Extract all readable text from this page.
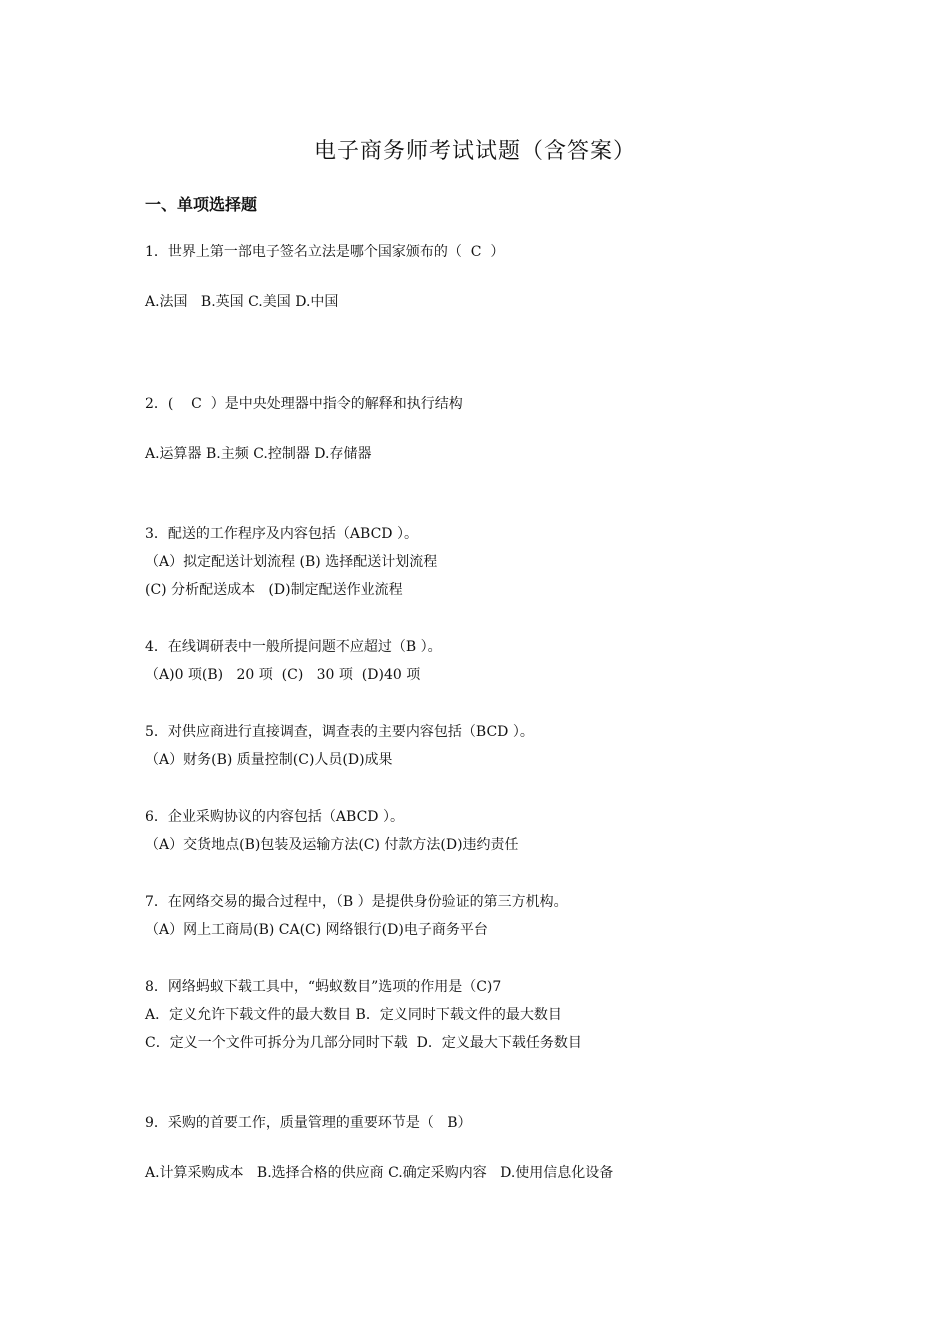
电子商务师考试试题（含答案）
一、单项选择题
1．世界上第一部电子签名立法是哪个国家颁布的（  C  ）
A.法国   B.英国 C.美国 D.中国
2．(    C  ）是中央处理器中指令的解释和执行结构
A.运算器 B.主频 C.控制器 D.存储器
3．配送的工作程序及内容包括（ABCD ）。
（A）拟定配送计划流程 (B) 选择配送计划流程
(C) 分析配送成本   (D)制定配送作业流程
4．在线调研表中一般所提问题不应超过（B ）。
（A)0 项(B)   20 项  (C)   30 项  (D)40 项
5．对供应商进行直接调查，调查表的主要内容包括（BCD ）。
（A）财务(B) 质量控制(C)人员(D)成果
6．企业采购协议的内容包括（ABCD ）。
（A）交货地点(B)包装及运输方法(C) 付款方法(D)违约责任
7．在网络交易的撮合过程中，（B ）是提供身份验证的第三方机构。
（A）网上工商局(B) CA(C) 网络银行(D)电子商务平台
8．网络蚂蚁下载工具中，“蚂蚁数目”选项的作用是（C)7
A．定义允许下载文件的最大数目 B．定义同时下载文件的最大数目
C．定义一个文件可拆分为几部分同时下载  D．定义最大下载任务数目
9．采购的首要工作，质量管理的重要环节是（   B）
A.计算采购成本   B.选择合格的供应商 C.确定采购内容   D.使用信息化设备
